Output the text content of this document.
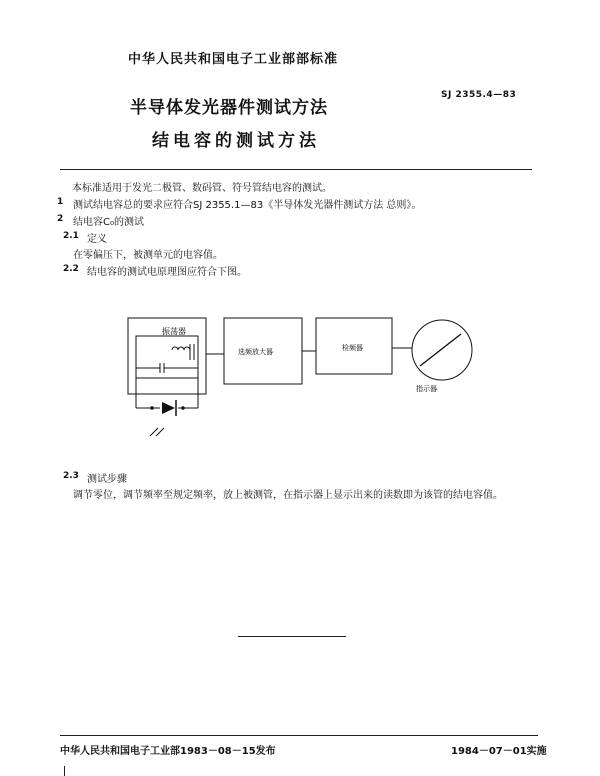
中华人民共和国电子工业部部标准
SJ 2355.4—83
半导体发光器件测试方法
结电容的测试方法
本标准适用于发光二极管、数码管、符号管结电容的测试。
1 测试结电容总的要求应符合SJ 2355.1—83《半导体发光器件测试方法 总则》。
2 结电容C₀的测试
2.1 定义
在零偏压下，被测单元的电容值。
2.2 结电容的测试电原理图应符合下图。
振荡器
选频放大器	检频器
指示器
2.3 测试步骤
调节零位，调节频率至规定频率，放上被测管，在指示器上显示出来的读数即为该管的结电容值。
中华人民共和国电子工业部1983－08－15发布	1984－07－01实施
